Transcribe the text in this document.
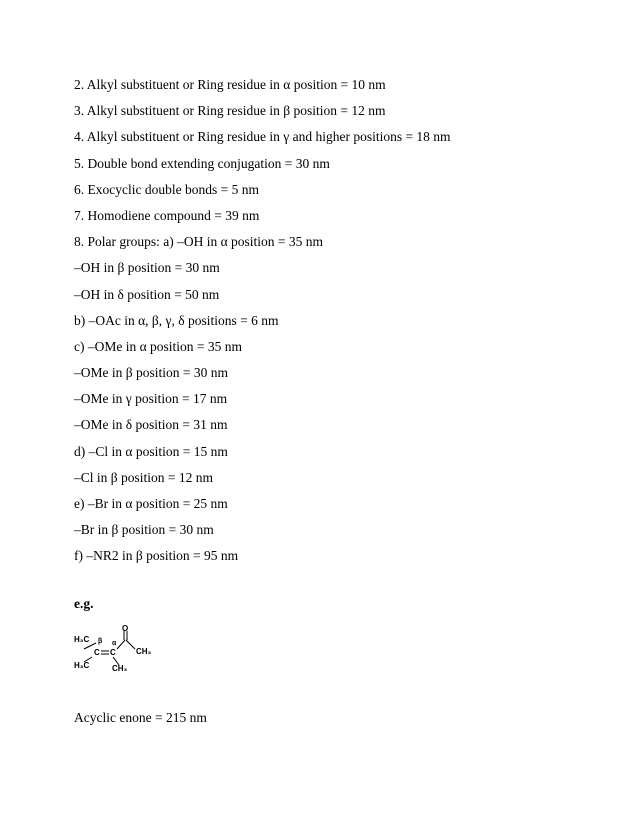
2. Alkyl substituent or Ring residue in α position = 10 nm
3. Alkyl substituent or Ring residue in β position = 12 nm
4. Alkyl substituent or Ring residue in γ and higher positions = 18 nm
5. Double bond extending conjugation = 30 nm
6. Exocyclic double bonds = 5 nm
7. Homodiene compound = 39 nm
8. Polar groups: a) –OH in α position = 35 nm
–OH in β position = 30 nm
–OH in δ position = 50 nm
b) –OAc in α, β, γ, δ positions = 6 nm
c) –OMe in α position = 35 nm
–OMe in β position = 30 nm
–OMe in γ position = 17 nm
–OMe in δ position = 31 nm
d) –Cl in α position = 15 nm
–Cl in β position = 12 nm
e) –Br in α position = 25 nm
–Br in β position = 30 nm
f) –NR2 in β position = 95 nm
e.g.
H₃C β α
O
C C	CH₃
H₃C	CH₃
Acyclic enone = 215 nm
